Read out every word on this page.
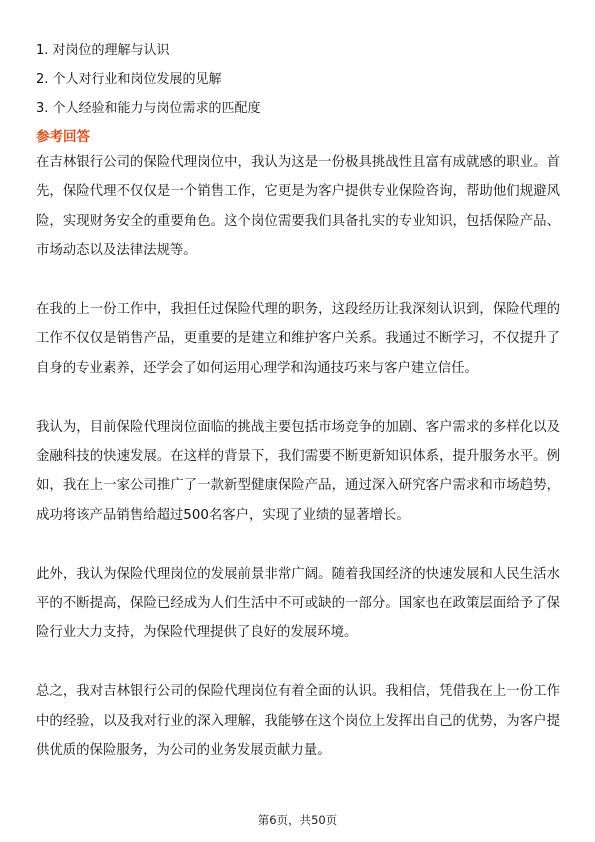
1. 对岗位的理解与认识
2. 个人对行业和岗位发展的见解
3. 个人经验和能力与岗位需求的匹配度
参考回答

在吉林银行公司的保险代理岗位中，我认为这是一份极具挑战性且富有成就感的职业。首先，保险代理不仅仅是一个销售工作，它更是为客户提供专业保险咨询，帮助他们规避风险，实现财务安全的重要角色。这个岗位需要我们具备扎实的专业知识，包括保险产品、市场动态以及法律法规等。

在我的上一份工作中，我担任过保险代理的职务，这段经历让我深刻认识到，保险代理的工作不仅仅是销售产品，更重要的是建立和维护客户关系。我通过不断学习，不仅提升了自身的专业素养，还学会了如何运用心理学和沟通技巧来与客户建立信任。

我认为，目前保险代理岗位面临的挑战主要包括市场竞争的加剧、客户需求的多样化以及金融科技的快速发展。在这样的背景下，我们需要不断更新知识体系，提升服务水平。例如，我在上一家公司推广了一款新型健康保险产品，通过深入研究客户需求和市场趋势，成功将该产品销售给超过500名客户，实现了业绩的显著增长。

此外，我认为保险代理岗位的发展前景非常广阔。随着我国经济的快速发展和人民生活水平的不断提高，保险已经成为人们生活中不可或缺的一部分。国家也在政策层面给予了保险行业大力支持，为保险代理提供了良好的发展环境。

总之，我对吉林银行公司的保险代理岗位有着全面的认识。我相信，凭借我在上一份工作中的经验，以及我对行业的深入理解，我能够在这个岗位上发挥出自己的优势，为客户提供优质的保险服务，为公司的业务发展贡献力量。

第6页，共50页
